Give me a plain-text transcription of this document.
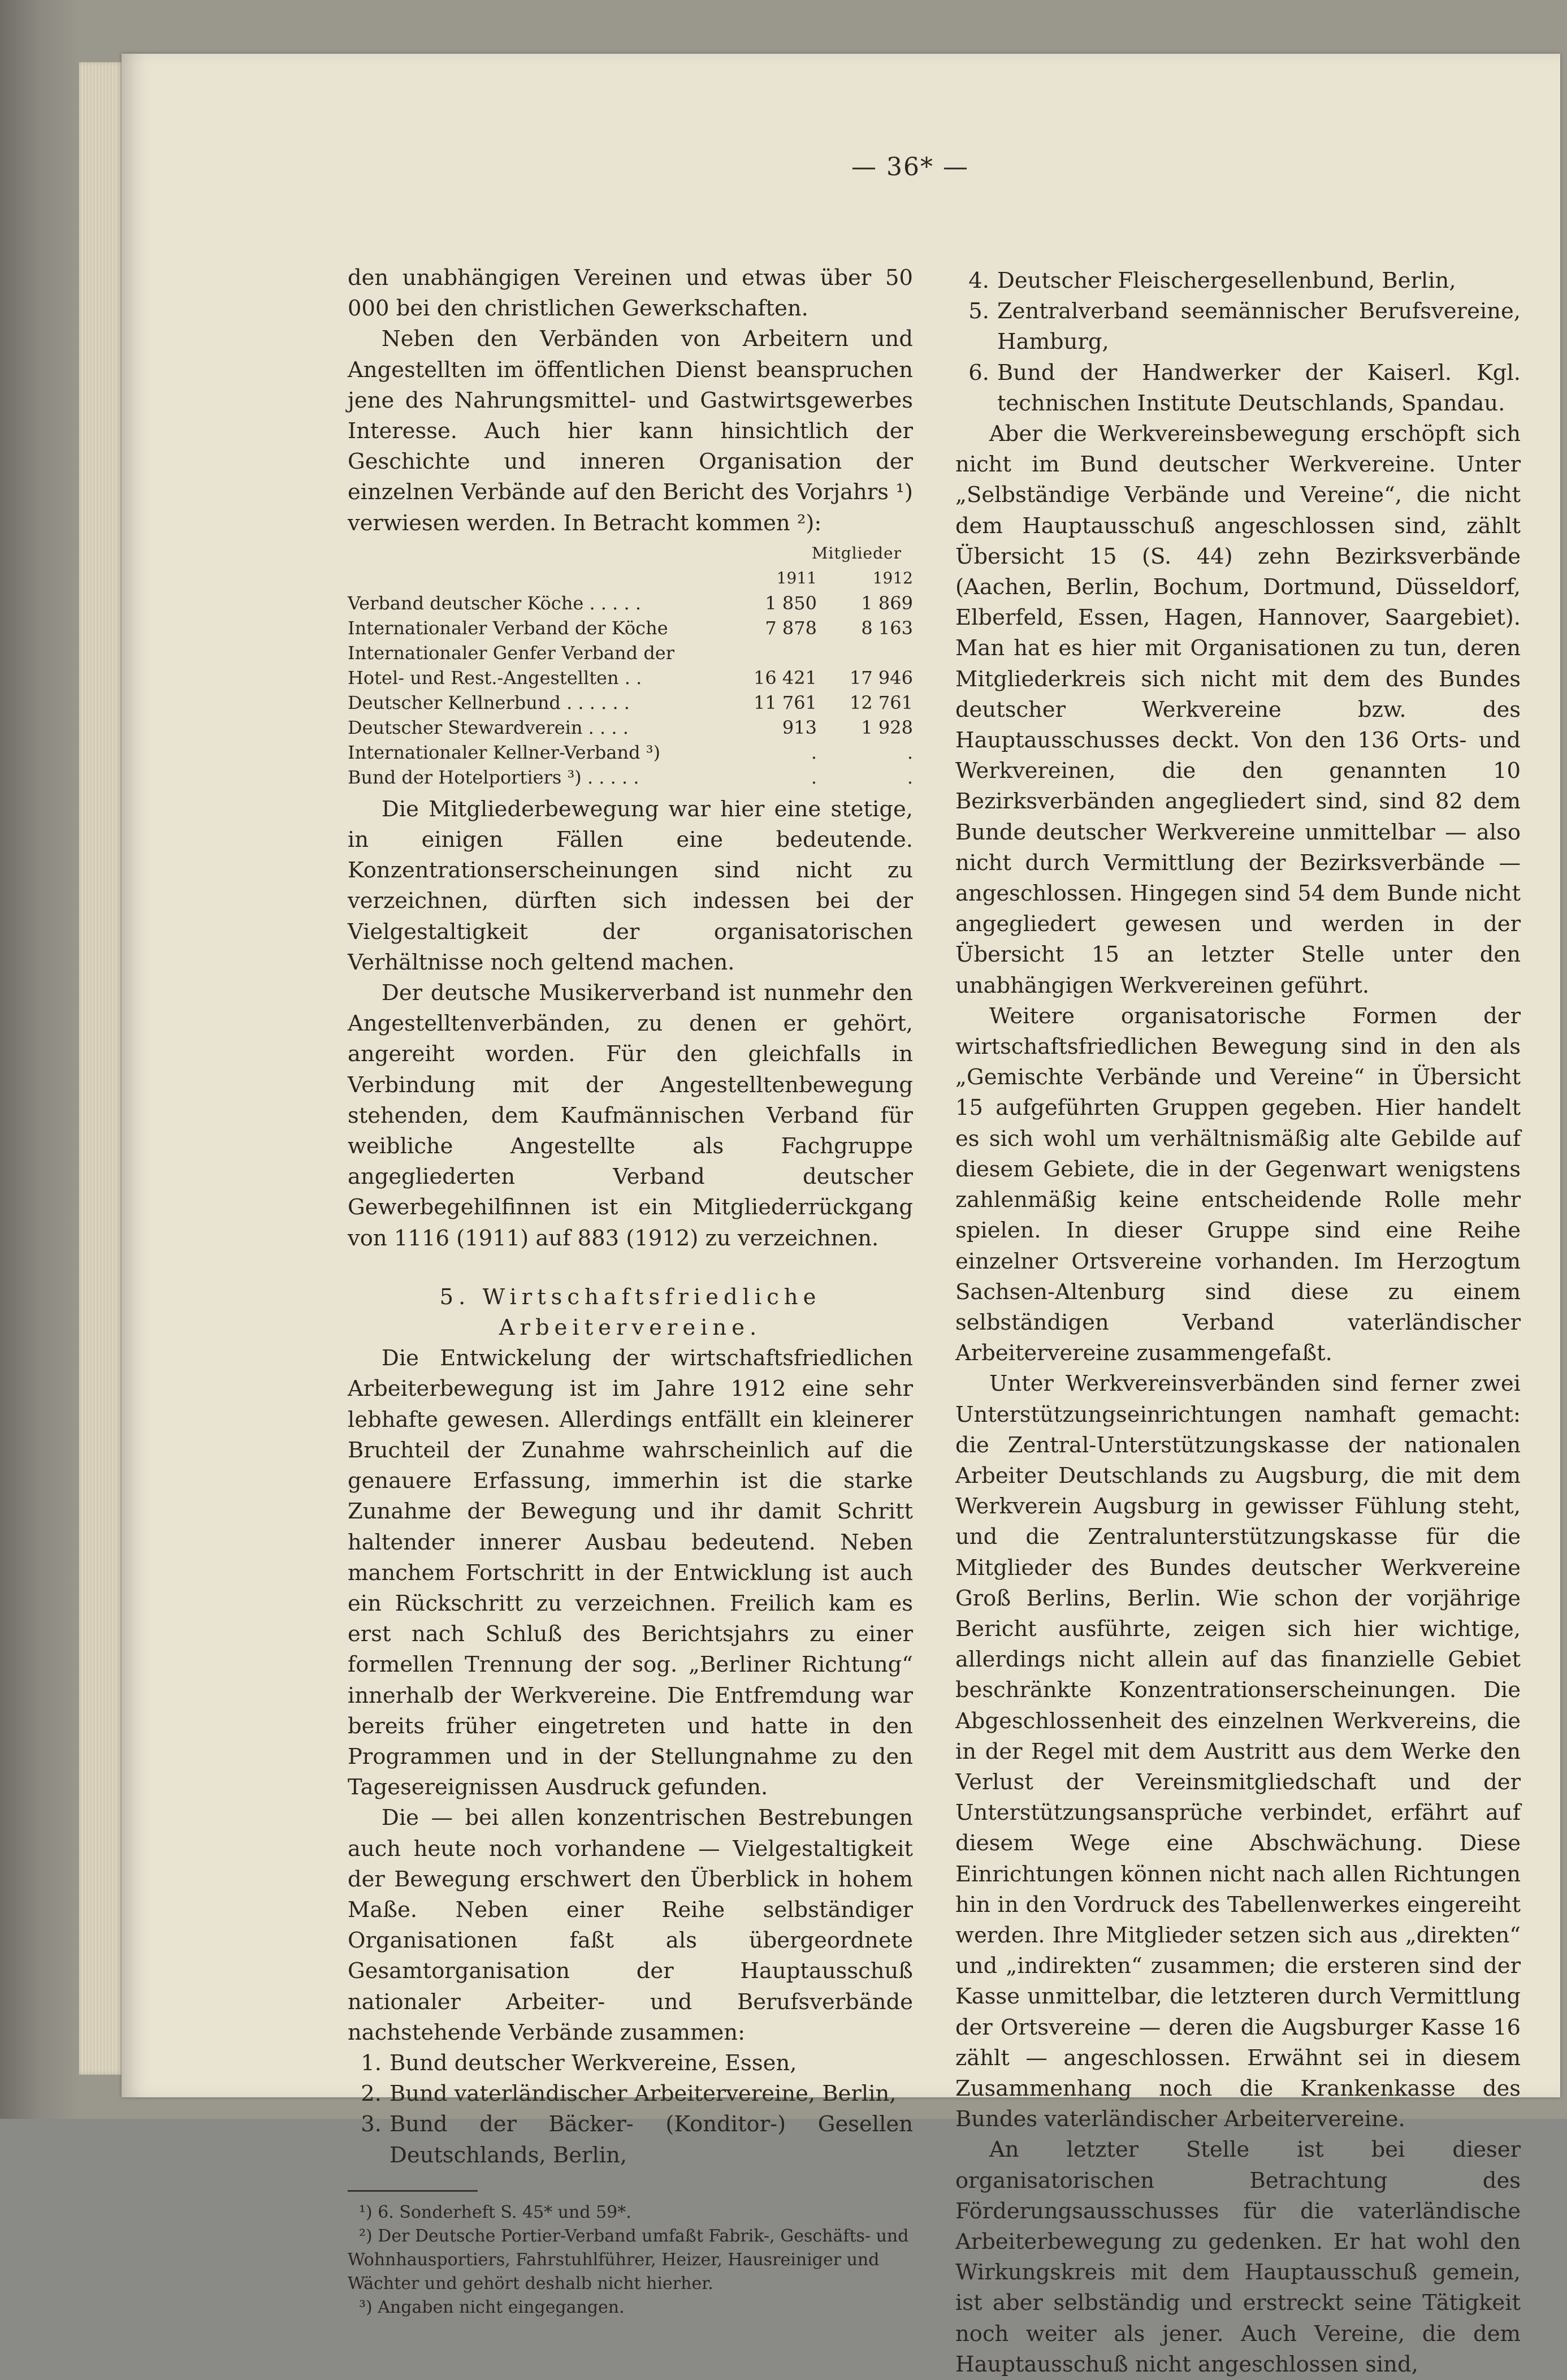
— 36* —

den unabhängigen Vereinen und etwas über 50 000 bei den christlichen Gewerkschaften.

Neben den Verbänden von Arbeitern und Angestellten im öffentlichen Dienst beanspruchen jene des Nahrungsmittel- und Gastwirtsgewerbes Interesse. Auch hier kann hinsichtlich der Geschichte und inneren Organisation der einzelnen Verbände auf den Bericht des Vorjahrs ¹) verwiesen werden. In Betracht kommen ²):

Mitglieder
1911	1912
Verband deutscher Köche . . . . .	1 850	1 869
Internationaler Verband der Köche	7 878	8 163
Internationaler Genfer Verband der
Hotel- und Rest.-Angestellten . .	16 421	17 946
Deutscher Kellnerbund . . . . . .	11 761	12 761
Deutscher Stewardverein . . . .	913	1 928
Internationaler Kellner-Verband ³)	.	.
Bund der Hotelportiers ³) . . . . .	.	.

Die Mitgliederbewegung war hier eine stetige, in einigen Fällen eine bedeutende. Konzentrationserscheinungen sind nicht zu verzeichnen, dürften sich indessen bei der Vielgestaltigkeit der organisatorischen Verhältnisse noch geltend machen.

Der deutsche Musikerverband ist nunmehr den Angestelltenverbänden, zu denen er gehört, angereiht worden. Für den gleichfalls in Verbindung mit der Angestelltenbewegung stehenden, dem Kaufmännischen Verband für weibliche Angestellte als Fachgruppe angegliederten Verband deutscher Gewerbegehilfinnen ist ein Mitgliederrückgang von 1116 (1911) auf 883 (1912) zu verzeichnen.

5. Wirtschaftsfriedliche Arbeitervereine.

Die Entwickelung der wirtschaftsfriedlichen Arbeiterbewegung ist im Jahre 1912 eine sehr lebhafte gewesen. Allerdings entfällt ein kleinerer Bruchteil der Zunahme wahrscheinlich auf die genauere Erfassung, immerhin ist die starke Zunahme der Bewegung und ihr damit Schritt haltender innerer Ausbau bedeutend. Neben manchem Fortschritt in der Entwicklung ist auch ein Rückschritt zu verzeichnen. Freilich kam es erst nach Schluß des Berichtsjahrs zu einer formellen Trennung der sog. „Berliner Richtung“ innerhalb der Werkvereine. Die Entfremdung war bereits früher eingetreten und hatte in den Programmen und in der Stellungnahme zu den Tagesereignissen Ausdruck gefunden.

Die — bei allen konzentrischen Bestrebungen auch heute noch vorhandene — Vielgestaltigkeit der Bewegung erschwert den Überblick in hohem Maße. Neben einer Reihe selbständiger Organisationen faßt als übergeordnete Gesamtorganisation der Hauptausschuß nationaler Arbeiter- und Berufsverbände nachstehende Verbände zusammen:

1. Bund deutscher Werkvereine, Essen,
2. Bund vaterländischer Arbeitervereine, Berlin,
3. Bund der Bäcker- (Konditor-) Gesellen Deutschlands, Berlin,
¹) 6. Sonderheft S. 45* und 59*.
²) Der Deutsche Portier-Verband umfaßt Fabrik-, Geschäfts- und Wohnhausportiers, Fahrstuhlführer, Heizer, Hausreiniger und Wächter und gehört deshalb nicht hierher.
³) Angaben nicht eingegangen.
4. Deutscher Fleischergesellenbund, Berlin,
5. Zentralverband seemännischer Berufsvereine, Hamburg,
6. Bund der Handwerker der Kaiserl. Kgl. technischen Institute Deutschlands, Spandau.

Aber die Werkvereinsbewegung erschöpft sich nicht im Bund deutscher Werkvereine. Unter „Selbständige Verbände und Vereine“, die nicht dem Hauptausschuß angeschlossen sind, zählt Übersicht 15 (S. 44) zehn Bezirksverbände (Aachen, Berlin, Bochum, Dortmund, Düsseldorf, Elberfeld, Essen, Hagen, Hannover, Saargebiet). Man hat es hier mit Organisationen zu tun, deren Mitgliederkreis sich nicht mit dem des Bundes deutscher Werkvereine bzw. des Hauptausschusses deckt. Von den 136 Orts- und Werkvereinen, die den genannten 10 Bezirksverbänden angegliedert sind, sind 82 dem Bunde deutscher Werkvereine unmittelbar — also nicht durch Vermittlung der Bezirksverbände — angeschlossen. Hingegen sind 54 dem Bunde nicht angegliedert gewesen und werden in der Übersicht 15 an letzter Stelle unter den unabhängigen Werkvereinen geführt.

Weitere organisatorische Formen der wirtschaftsfriedlichen Bewegung sind in den als „Gemischte Verbände und Vereine“ in Übersicht 15 aufgeführten Gruppen gegeben. Hier handelt es sich wohl um verhältnismäßig alte Gebilde auf diesem Gebiete, die in der Gegenwart wenigstens zahlenmäßig keine entscheidende Rolle mehr spielen. In dieser Gruppe sind eine Reihe einzelner Ortsvereine vorhanden. Im Herzogtum Sachsen-Altenburg sind diese zu einem selbständigen Verband vaterländischer Arbeitervereine zusammengefaßt.

Unter Werkvereinsverbänden sind ferner zwei Unterstützungseinrichtungen namhaft gemacht: die Zentral-Unterstützungskasse der nationalen Arbeiter Deutschlands zu Augsburg, die mit dem Werkverein Augsburg in gewisser Fühlung steht, und die Zentralunterstützungskasse für die Mitglieder des Bundes deutscher Werkvereine Groß Berlins, Berlin. Wie schon der vorjährige Bericht ausführte, zeigen sich hier wichtige, allerdings nicht allein auf das finanzielle Gebiet beschränkte Konzentrationserscheinungen. Die Abgeschlossenheit des einzelnen Werkvereins, die in der Regel mit dem Austritt aus dem Werke den Verlust der Vereinsmitgliedschaft und der Unterstützungsansprüche verbindet, erfährt auf diesem Wege eine Abschwächung. Diese Einrichtungen können nicht nach allen Richtungen hin in den Vordruck des Tabellenwerkes eingereiht werden. Ihre Mitglieder setzen sich aus „direkten“ und „indirekten“ zusammen; die ersteren sind der Kasse unmittelbar, die letzteren durch Vermittlung der Ortsvereine — deren die Augsburger Kasse 16 zählt — angeschlossen. Erwähnt sei in diesem Zusammenhang noch die Krankenkasse des Bundes vaterländischer Arbeitervereine.

An letzter Stelle ist bei dieser organisatorischen Betrachtung des Förderungsausschusses für die vaterländische Arbeiterbewegung zu gedenken. Er hat wohl den Wirkungskreis mit dem Hauptausschuß gemein, ist aber selbständig und erstreckt seine Tätigkeit noch weiter als jener. Auch Vereine, die dem Hauptausschuß nicht angeschlossen sind,
